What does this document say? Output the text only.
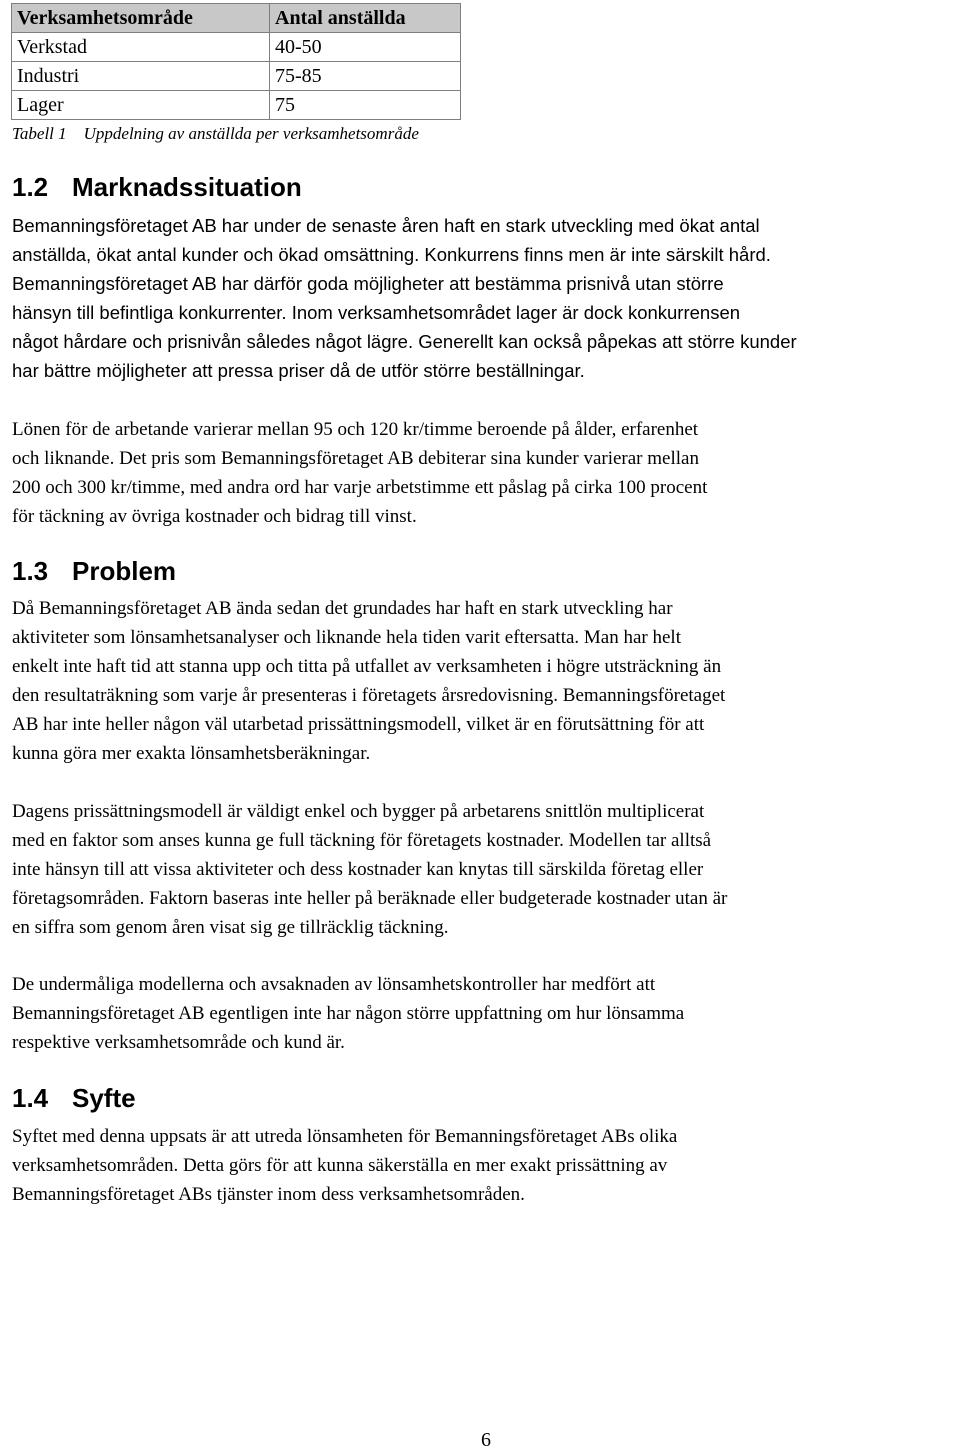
Verksamhetsområde	Antal anställda
Verkstad	40-50
Industri	75-85
Lager	75
Tabell 1    Uppdelning av anställda per verksamhetsområde
1.2 Marknadssituation
Bemanningsföretaget AB har under de senaste åren haft en stark utveckling med ökat antal
anställda, ökat antal kunder och ökad omsättning. Konkurrens finns men är inte särskilt hård.
Bemanningsföretaget AB har därför goda möjligheter att bestämma prisnivå utan större
hänsyn till befintliga konkurrenter. Inom verksamhetsområdet lager är dock konkurrensen
något hårdare och prisnivån således något lägre. Generellt kan också påpekas att större kunder
har bättre möjligheter att pressa priser då de utför större beställningar.
Lönen för de arbetande varierar mellan 95 och 120 kr/timme beroende på ålder, erfarenhet
och liknande. Det pris som Bemanningsföretaget AB debiterar sina kunder varierar mellan
200 och 300 kr/timme, med andra ord har varje arbetstimme ett påslag på cirka 100 procent
för täckning av övriga kostnader och bidrag till vinst.
1.3 Problem
Då Bemanningsföretaget AB ända sedan det grundades har haft en stark utveckling har
aktiviteter som lönsamhetsanalyser och liknande hela tiden varit eftersatta. Man har helt
enkelt inte haft tid att stanna upp och titta på utfallet av verksamheten i högre utsträckning än
den resultaträkning som varje år presenteras i företagets årsredovisning. Bemanningsföretaget
AB har inte heller någon väl utarbetad prissättningsmodell, vilket är en förutsättning för att
kunna göra mer exakta lönsamhetsberäkningar.
Dagens prissättningsmodell är väldigt enkel och bygger på arbetarens snittlön multiplicerat
med en faktor som anses kunna ge full täckning för företagets kostnader. Modellen tar alltså
inte hänsyn till att vissa aktiviteter och dess kostnader kan knytas till särskilda företag eller
företagsområden. Faktorn baseras inte heller på beräknade eller budgeterade kostnader utan är
en siffra som genom åren visat sig ge tillräcklig täckning.
De undermåliga modellerna och avsaknaden av lönsamhetskontroller har medfört att
Bemanningsföretaget AB egentligen inte har någon större uppfattning om hur lönsamma
respektive verksamhetsområde och kund är.
1.4 Syfte
Syftet med denna uppsats är att utreda lönsamheten för Bemanningsföretaget ABs olika
verksamhetsområden. Detta görs för att kunna säkerställa en mer exakt prissättning av
Bemanningsföretaget ABs tjänster inom dess verksamhetsområden.
6
